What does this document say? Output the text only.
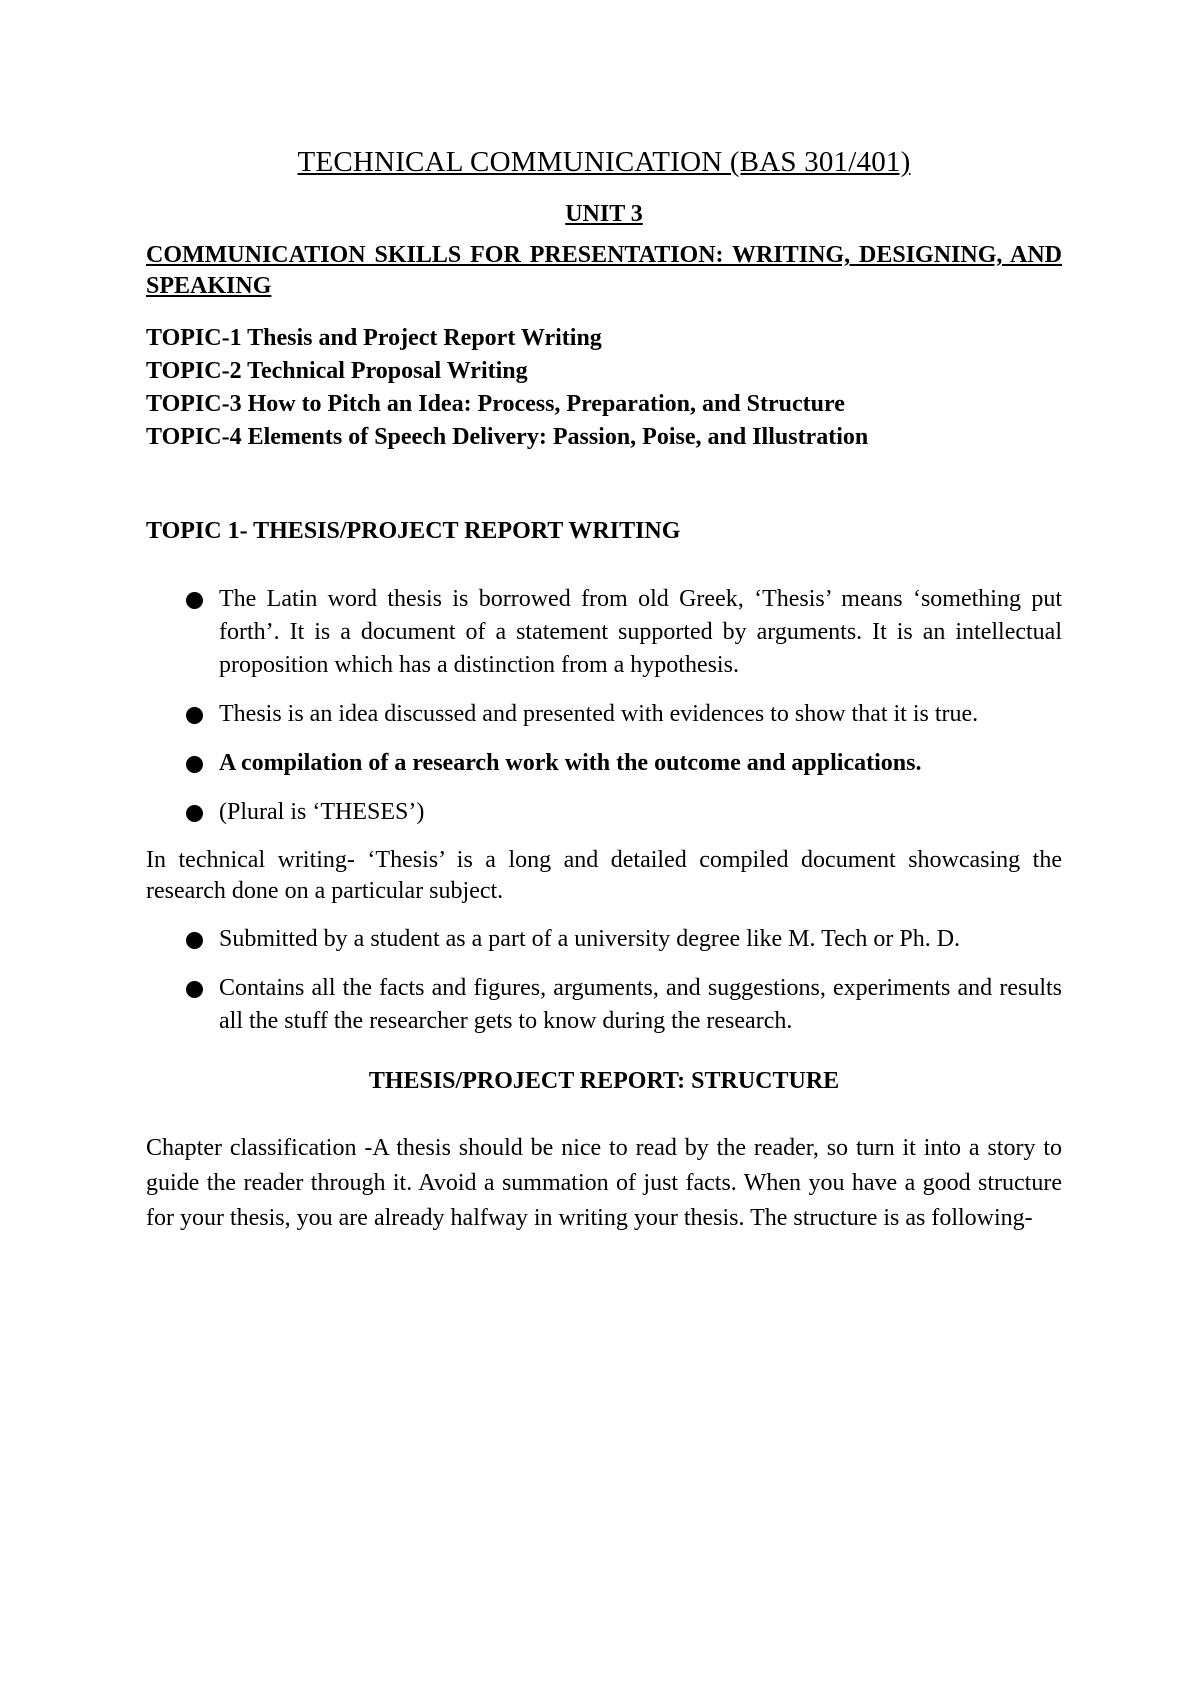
TECHNICAL COMMUNICATION (BAS 301/401)
UNIT 3
COMMUNICATION SKILLS FOR PRESENTATION: WRITING, DESIGNING, AND SPEAKING

TOPIC-1 Thesis and Project Report Writing

TOPIC-2 Technical Proposal Writing

TOPIC-3 How to Pitch an Idea: Process, Preparation, and Structure

TOPIC-4 Elements of Speech Delivery: Passion, Poise, and Illustration

TOPIC 1- THESIS/PROJECT REPORT WRITING
The Latin word thesis is borrowed from old Greek, ‘Thesis’ means ‘something put forth’. It is a document of a statement supported by arguments. It is an intellectual proposition which has a distinction from a hypothesis.
Thesis is an idea discussed and presented with evidences to show that it is true.
A compilation of a research work with the outcome and applications.
(Plural is ‘THESES’)

In technical writing- ‘Thesis’ is a long and detailed compiled document showcasing the research done on a particular subject.

Submitted by a student as a part of a university degree like M. Tech or Ph. D.
Contains all the facts and figures, arguments, and suggestions, experiments and results all the stuff the researcher gets to know during the research.
THESIS/PROJECT REPORT: STRUCTURE

Chapter classification -A thesis should be nice to read by the reader, so turn it into a story to guide the reader through it. Avoid a summation of just facts. When you have a good structure for your thesis, you are already halfway in writing your thesis. The structure is as following-
